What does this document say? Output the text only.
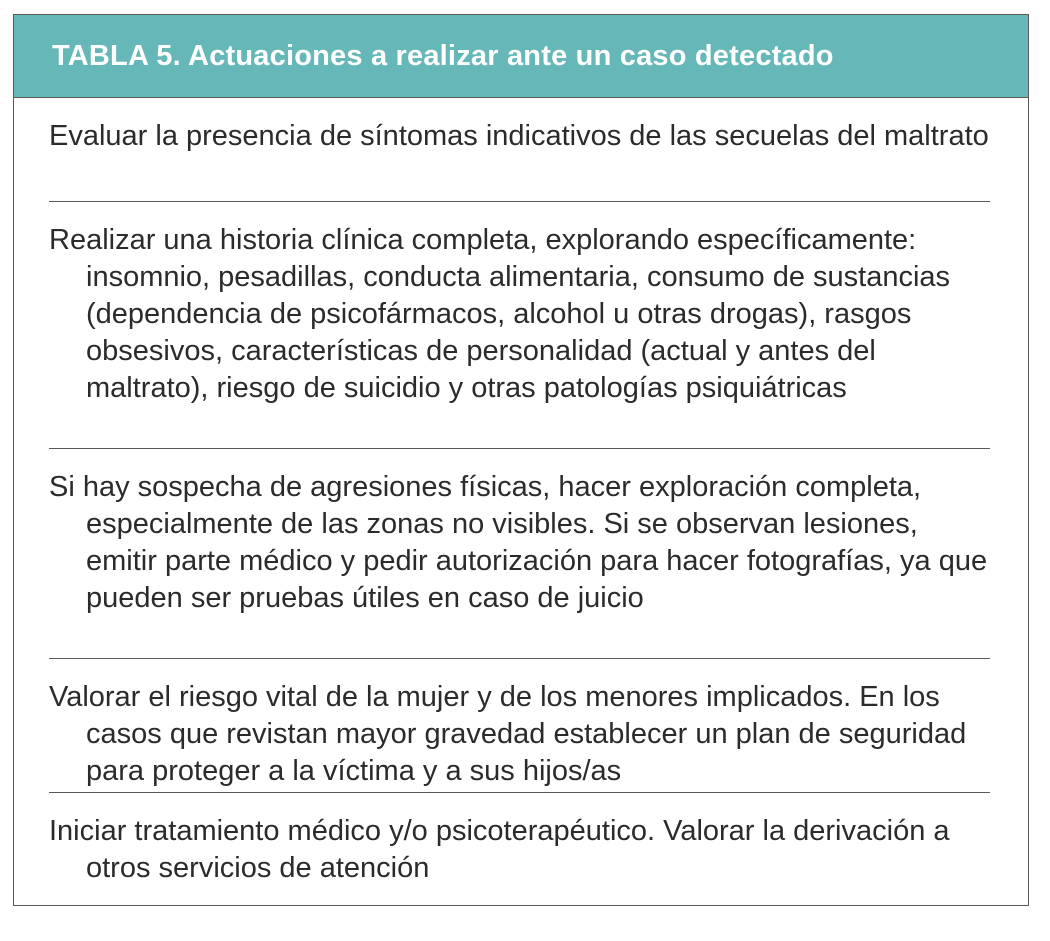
TABLA 5. Actuaciones a realizar ante un caso detectado
Evaluar la presencia de síntomas indicativos de las secuelas del maltrato
Realizar una historia clínica completa, explorando específicamente: insomnio, pesadillas, conducta alimentaria, consumo de sustancias (dependencia de psicofármacos, alcohol u otras drogas), rasgos obsesivos, características de personalidad (actual y antes del maltrato), riesgo de suicidio y otras patologías psiquiátricas
Si hay sospecha de agresiones físicas, hacer exploración completa, especialmente de las zonas no visibles. Si se observan lesiones, emitir parte médico y pedir autorización para hacer fotografías, ya que pueden ser pruebas útiles en caso de juicio
Valorar el riesgo vital de la mujer y de los menores implicados. En los casos que revistan mayor gravedad establecer un plan de seguridad para proteger a la víctima y a sus hijos/as
Iniciar tratamiento médico y/o psicoterapéutico. Valorar la derivación a otros servicios de atención
